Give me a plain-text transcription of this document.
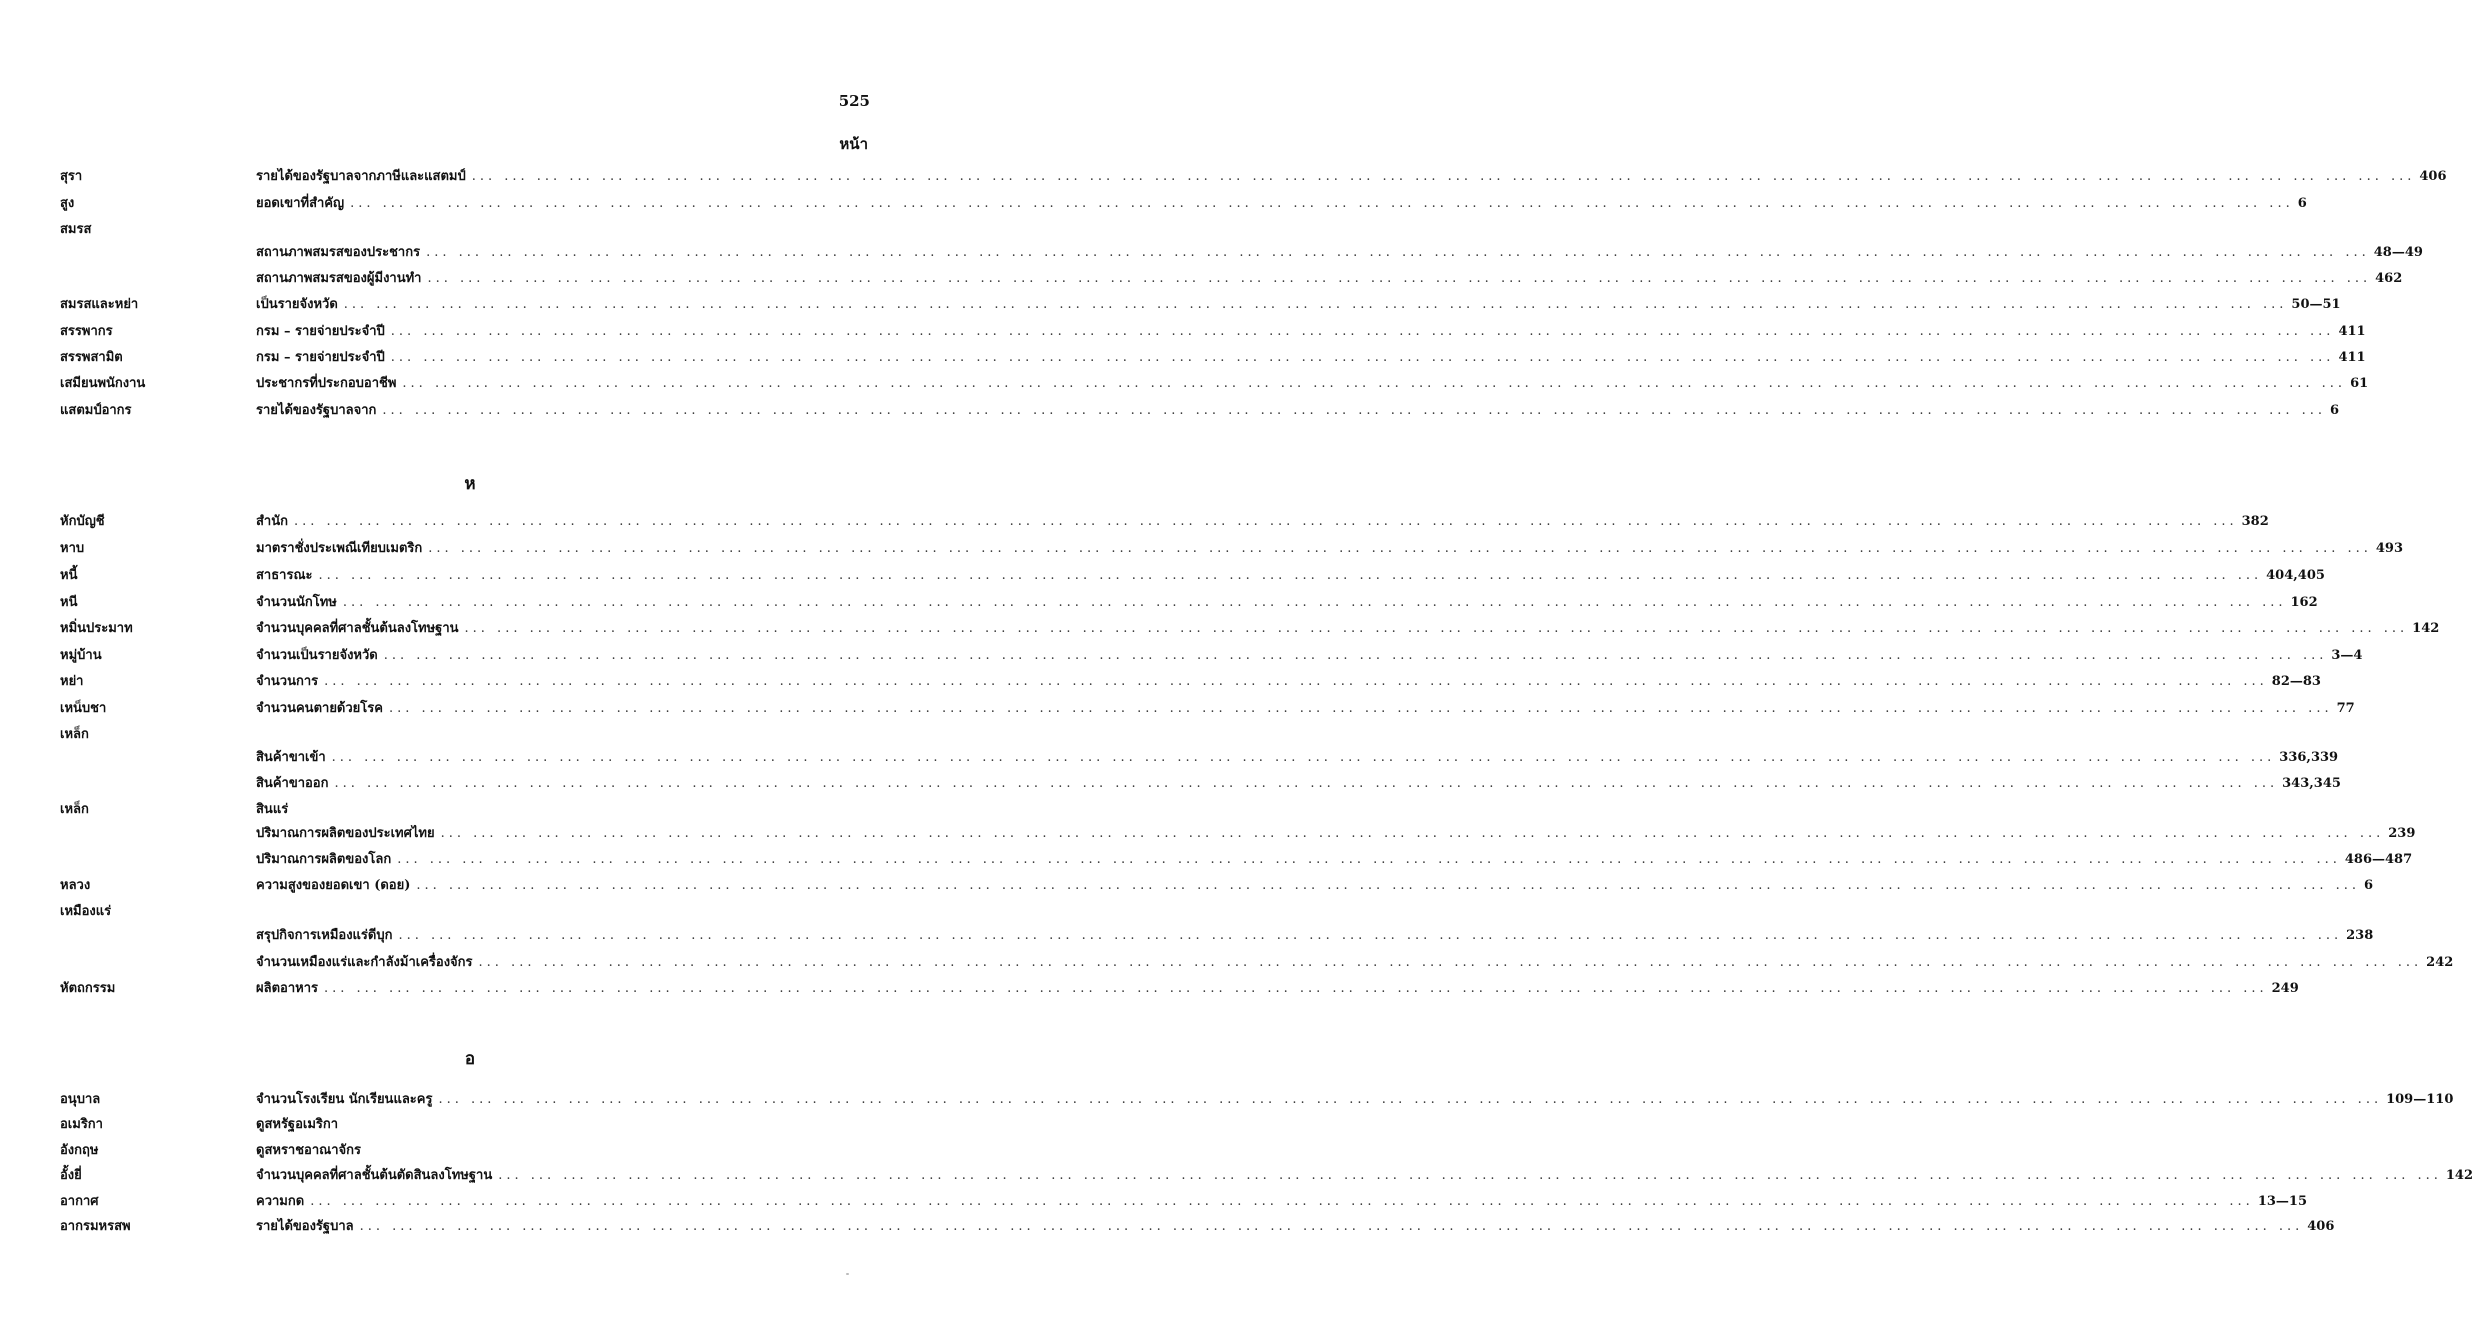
525
หน้า
สุรา	รายได้ของรัฐบาลจากภาษีและแสตมป์ ... ... ... ... ... ... ... ... ... ... ... ... ... ... ... ... ... ... ... ... ... ... ... ... ... ... ... ... ... ... ... ... ... ... ... ... ... ... ... ... ... ... ... ... ... ... ... ... ... ... ... ... ... ... ... ... ... ... ... ... 406
สูง	ยอดเขาที่สำคัญ ... ... ... ... ... ... ... ... ... ... ... ... ... ... ... ... ... ... ... ... ... ... ... ... ... ... ... ... ... ... ... ... ... ... ... ... ... ... ... ... ... ... ... ... ... ... ... ... ... ... ... ... ... ... ... ... ... ... ... ... 6
สมรส
สถานภาพสมรสของประชากร ... ... ... ... ... ... ... ... ... ... ... ... ... ... ... ... ... ... ... ... ... ... ... ... ... ... ... ... ... ... ... ... ... ... ... ... ... ... ... ... ... ... ... ... ... ... ... ... ... ... ... ... ... ... ... ... ... ... ... ... 48—49
สถานภาพสมรสของผู้มีงานทำ ... ... ... ... ... ... ... ... ... ... ... ... ... ... ... ... ... ... ... ... ... ... ... ... ... ... ... ... ... ... ... ... ... ... ... ... ... ... ... ... ... ... ... ... ... ... ... ... ... ... ... ... ... ... ... ... ... ... ... ... 462
สมรสและหย่า	เป็นรายจังหวัด ... ... ... ... ... ... ... ... ... ... ... ... ... ... ... ... ... ... ... ... ... ... ... ... ... ... ... ... ... ... ... ... ... ... ... ... ... ... ... ... ... ... ... ... ... ... ... ... ... ... ... ... ... ... ... ... ... ... ... ... 50—51
สรรพากร	กรม – รายจ่ายประจำปี ... ... ... ... ... ... ... ... ... ... ... ... ... ... ... ... ... ... ... ... ... ... ... ... ... ... ... ... ... ... ... ... ... ... ... ... ... ... ... ... ... ... ... ... ... ... ... ... ... ... ... ... ... ... ... ... ... ... ... ... 411
สรรพสามิต	กรม – รายจ่ายประจำปี ... ... ... ... ... ... ... ... ... ... ... ... ... ... ... ... ... ... ... ... ... ... ... ... ... ... ... ... ... ... ... ... ... ... ... ... ... ... ... ... ... ... ... ... ... ... ... ... ... ... ... ... ... ... ... ... ... ... ... ... 411
เสมียนพนักงาน	ประชากรที่ประกอบอาชีพ ... ... ... ... ... ... ... ... ... ... ... ... ... ... ... ... ... ... ... ... ... ... ... ... ... ... ... ... ... ... ... ... ... ... ... ... ... ... ... ... ... ... ... ... ... ... ... ... ... ... ... ... ... ... ... ... ... ... ... ... 61
แสตมป์อากร	รายได้ของรัฐบาลจาก ... ... ... ... ... ... ... ... ... ... ... ... ... ... ... ... ... ... ... ... ... ... ... ... ... ... ... ... ... ... ... ... ... ... ... ... ... ... ... ... ... ... ... ... ... ... ... ... ... ... ... ... ... ... ... ... ... ... ... ... 6
หักบัญชี	สำนัก ... ... ... ... ... ... ... ... ... ... ... ... ... ... ... ... ... ... ... ... ... ... ... ... ... ... ... ... ... ... ... ... ... ... ... ... ... ... ... ... ... ... ... ... ... ... ... ... ... ... ... ... ... ... ... ... ... ... ... ... 382
หาบ	มาตราชั่งประเพณีเทียบเมตริก ... ... ... ... ... ... ... ... ... ... ... ... ... ... ... ... ... ... ... ... ... ... ... ... ... ... ... ... ... ... ... ... ... ... ... ... ... ... ... ... ... ... ... ... ... ... ... ... ... ... ... ... ... ... ... ... ... ... ... ... 493
หนี้	สาธารณะ ... ... ... ... ... ... ... ... ... ... ... ... ... ... ... ... ... ... ... ... ... ... ... ... ... ... ... ... ... ... ... ... ... ... ... ... ... ... ... ... ... ... ... ... ... ... ... ... ... ... ... ... ... ... ... ... ... ... ... ... 404,405
หนี	จำนวนนักโทษ ... ... ... ... ... ... ... ... ... ... ... ... ... ... ... ... ... ... ... ... ... ... ... ... ... ... ... ... ... ... ... ... ... ... ... ... ... ... ... ... ... ... ... ... ... ... ... ... ... ... ... ... ... ... ... ... ... ... ... ... 162
หมิ่นประมาท	จำนวนบุคคลที่ศาลชั้นต้นลงโทษฐาน ... ... ... ... ... ... ... ... ... ... ... ... ... ... ... ... ... ... ... ... ... ... ... ... ... ... ... ... ... ... ... ... ... ... ... ... ... ... ... ... ... ... ... ... ... ... ... ... ... ... ... ... ... ... ... ... ... ... ... ... 142
หมู่บ้าน	จำนวนเป็นรายจังหวัด ... ... ... ... ... ... ... ... ... ... ... ... ... ... ... ... ... ... ... ... ... ... ... ... ... ... ... ... ... ... ... ... ... ... ... ... ... ... ... ... ... ... ... ... ... ... ... ... ... ... ... ... ... ... ... ... ... ... ... ... 3—4
หย่า	จำนวนการ ... ... ... ... ... ... ... ... ... ... ... ... ... ... ... ... ... ... ... ... ... ... ... ... ... ... ... ... ... ... ... ... ... ... ... ... ... ... ... ... ... ... ... ... ... ... ... ... ... ... ... ... ... ... ... ... ... ... ... ... 82—83
เหน็บชา	จำนวนคนตายด้วยโรค ... ... ... ... ... ... ... ... ... ... ... ... ... ... ... ... ... ... ... ... ... ... ... ... ... ... ... ... ... ... ... ... ... ... ... ... ... ... ... ... ... ... ... ... ... ... ... ... ... ... ... ... ... ... ... ... ... ... ... ... 77
เหล็ก
สินค้าขาเข้า ... ... ... ... ... ... ... ... ... ... ... ... ... ... ... ... ... ... ... ... ... ... ... ... ... ... ... ... ... ... ... ... ... ... ... ... ... ... ... ... ... ... ... ... ... ... ... ... ... ... ... ... ... ... ... ... ... ... ... ... 336,339
สินค้าขาออก ... ... ... ... ... ... ... ... ... ... ... ... ... ... ... ... ... ... ... ... ... ... ... ... ... ... ... ... ... ... ... ... ... ... ... ... ... ... ... ... ... ... ... ... ... ... ... ... ... ... ... ... ... ... ... ... ... ... ... ... 343,345
เหล็ก	สินแร่
ปริมาณการผลิตของประเทศไทย ... ... ... ... ... ... ... ... ... ... ... ... ... ... ... ... ... ... ... ... ... ... ... ... ... ... ... ... ... ... ... ... ... ... ... ... ... ... ... ... ... ... ... ... ... ... ... ... ... ... ... ... ... ... ... ... ... ... ... ... 239
ปริมาณการผลิตของโลก ... ... ... ... ... ... ... ... ... ... ... ... ... ... ... ... ... ... ... ... ... ... ... ... ... ... ... ... ... ... ... ... ... ... ... ... ... ... ... ... ... ... ... ... ... ... ... ... ... ... ... ... ... ... ... ... ... ... ... ... 486—487
หลวง	ความสูงของยอดเขา (ดอย) ... ... ... ... ... ... ... ... ... ... ... ... ... ... ... ... ... ... ... ... ... ... ... ... ... ... ... ... ... ... ... ... ... ... ... ... ... ... ... ... ... ... ... ... ... ... ... ... ... ... ... ... ... ... ... ... ... ... ... ... 6
เหมืองแร่
สรุปกิจการเหมืองแร่ดีบุก ... ... ... ... ... ... ... ... ... ... ... ... ... ... ... ... ... ... ... ... ... ... ... ... ... ... ... ... ... ... ... ... ... ... ... ... ... ... ... ... ... ... ... ... ... ... ... ... ... ... ... ... ... ... ... ... ... ... ... ... 238
จำนวนเหมืองแร่และกำลังม้าเครื่องจักร ... ... ... ... ... ... ... ... ... ... ... ... ... ... ... ... ... ... ... ... ... ... ... ... ... ... ... ... ... ... ... ... ... ... ... ... ... ... ... ... ... ... ... ... ... ... ... ... ... ... ... ... ... ... ... ... ... ... ... ... 242
หัตถกรรม	ผลิตอาหาร ... ... ... ... ... ... ... ... ... ... ... ... ... ... ... ... ... ... ... ... ... ... ... ... ... ... ... ... ... ... ... ... ... ... ... ... ... ... ... ... ... ... ... ... ... ... ... ... ... ... ... ... ... ... ... ... ... ... ... ... 249
อนุบาล	จำนวนโรงเรียน นักเรียนและครู ... ... ... ... ... ... ... ... ... ... ... ... ... ... ... ... ... ... ... ... ... ... ... ... ... ... ... ... ... ... ... ... ... ... ... ... ... ... ... ... ... ... ... ... ... ... ... ... ... ... ... ... ... ... ... ... ... ... ... ... 109—110
อเมริกา	ดูสหรัฐอเมริกา
อังกฤษ	ดูสหราชอาณาจักร
อั้งยี่	จำนวนบุคคลที่ศาลชั้นต้นตัดสินลงโทษฐาน ... ... ... ... ... ... ... ... ... ... ... ... ... ... ... ... ... ... ... ... ... ... ... ... ... ... ... ... ... ... ... ... ... ... ... ... ... ... ... ... ... ... ... ... ... ... ... ... ... ... ... ... ... ... ... ... ... ... ... ... 142
อากาศ	ความกด ... ... ... ... ... ... ... ... ... ... ... ... ... ... ... ... ... ... ... ... ... ... ... ... ... ... ... ... ... ... ... ... ... ... ... ... ... ... ... ... ... ... ... ... ... ... ... ... ... ... ... ... ... ... ... ... ... ... ... ... 13—15
อากรมหรสพ	รายได้ของรัฐบาล ... ... ... ... ... ... ... ... ... ... ... ... ... ... ... ... ... ... ... ... ... ... ... ... ... ... ... ... ... ... ... ... ... ... ... ... ... ... ... ... ... ... ... ... ... ... ... ... ... ... ... ... ... ... ... ... ... ... ... ... 406
ห
อ
